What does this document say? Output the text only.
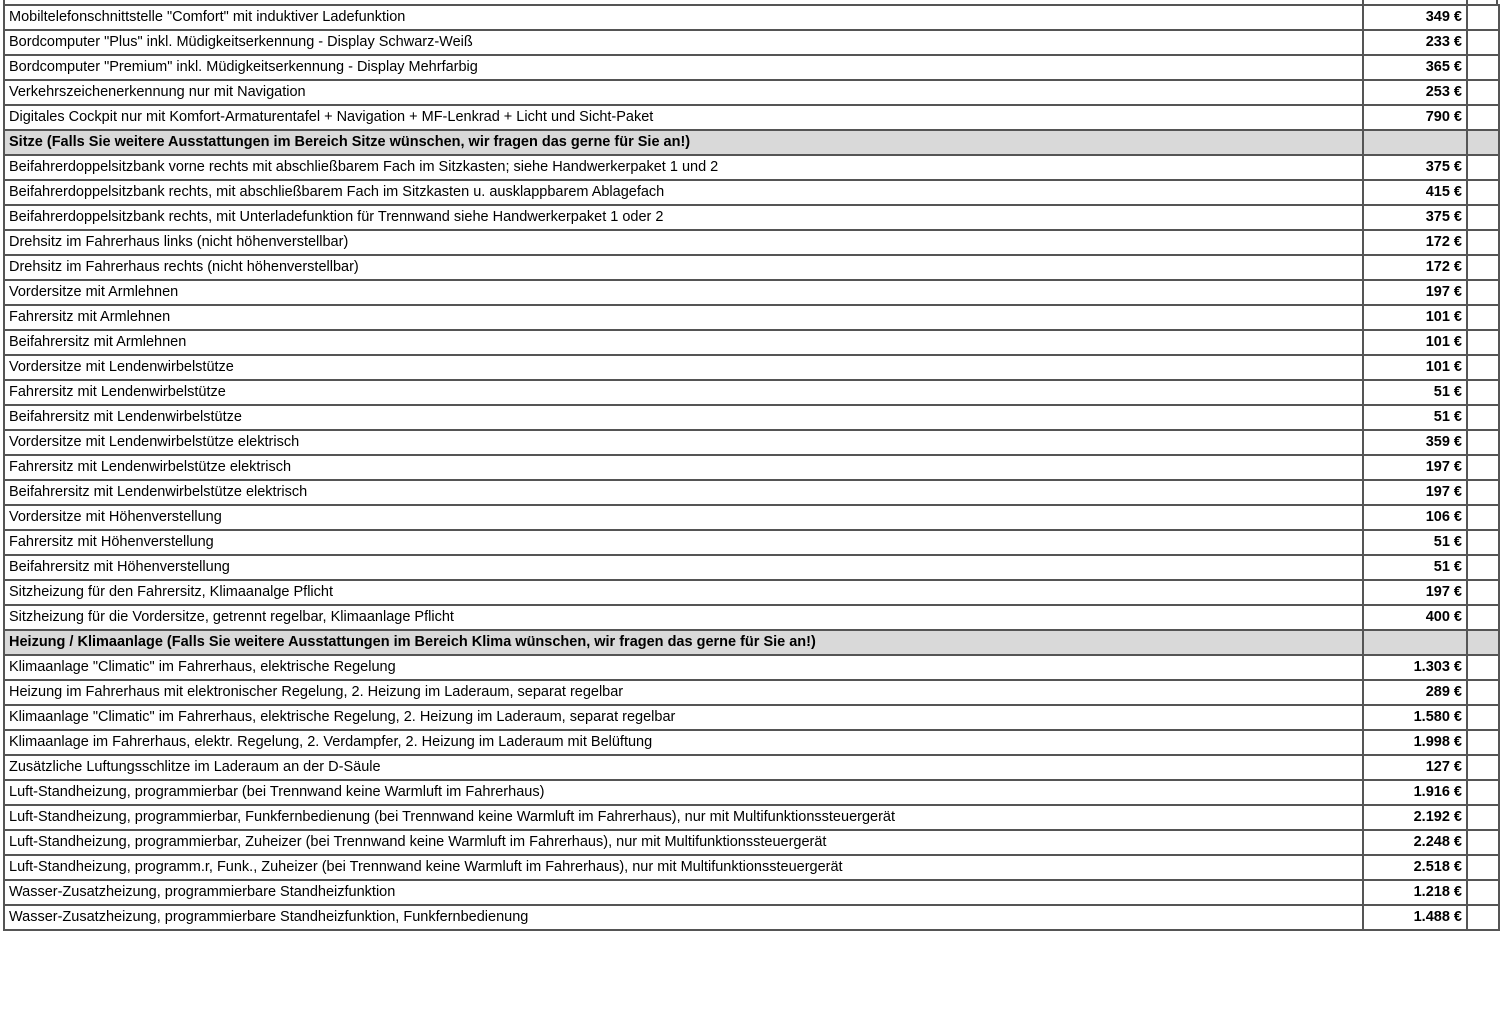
Mobiltelefonschnittstelle "Comfort" mit induktiver Ladefunktion	349 €	
Bordcomputer "Plus" inkl. Müdigkeitserkennung - Display Schwarz-Weiß	233 €	
Bordcomputer "Premium" inkl. Müdigkeitserkennung - Display Mehrfarbig	365 €	
Verkehrszeichenerkennung nur mit Navigation	253 €	
Digitales Cockpit nur mit Komfort-Armaturentafel + Navigation + MF-Lenkrad + Licht und Sicht-Paket	790 €	
Sitze (Falls Sie weitere Ausstattungen im Bereich Sitze wünschen, wir fragen das gerne für Sie an!)		
Beifahrerdoppelsitzbank vorne rechts mit abschließbarem Fach im Sitzkasten; siehe Handwerkerpaket 1 und 2	375 €	
Beifahrerdoppelsitzbank rechts, mit abschließbarem Fach im Sitzkasten u. ausklappbarem Ablagefach	415 €	
Beifahrerdoppelsitzbank rechts, mit Unterladefunktion für Trennwand siehe Handwerkerpaket 1 oder 2	375 €	
Drehsitz im Fahrerhaus links (nicht höhenverstellbar)	172 €	
Drehsitz im Fahrerhaus rechts (nicht höhenverstellbar)	172 €	
Vordersitze mit Armlehnen	197 €	
Fahrersitz mit Armlehnen	101 €	
Beifahrersitz mit Armlehnen	101 €	
Vordersitze mit Lendenwirbelstütze	101 €	
Fahrersitz mit Lendenwirbelstütze	51 €	
Beifahrersitz mit Lendenwirbelstütze	51 €	
Vordersitze mit Lendenwirbelstütze elektrisch	359 €	
Fahrersitz mit Lendenwirbelstütze elektrisch	197 €	
Beifahrersitz mit Lendenwirbelstütze elektrisch	197 €	
Vordersitze mit Höhenverstellung	106 €	
Fahrersitz mit Höhenverstellung	51 €	
Beifahrersitz mit Höhenverstellung	51 €	
Sitzheizung für den Fahrersitz, Klimaanalge Pflicht	197 €	
Sitzheizung für die Vordersitze, getrennt regelbar, Klimaanlage Pflicht	400 €	
Heizung / Klimaanlage (Falls Sie weitere Ausstattungen im Bereich Klima wünschen, wir fragen das gerne für Sie an!)		
Klimaanlage "Climatic" im Fahrerhaus, elektrische Regelung	1.303 €	
Heizung im Fahrerhaus mit elektronischer Regelung, 2. Heizung im Laderaum, separat regelbar	289 €	
Klimaanlage "Climatic" im Fahrerhaus, elektrische Regelung, 2. Heizung im Laderaum, separat regelbar	1.580 €	
Klimaanlage im Fahrerhaus, elektr. Regelung, 2. Verdampfer, 2. Heizung im Laderaum mit Belüftung	1.998 €	
Zusätzliche Luftungsschlitze im Laderaum an der D-Säule	127 €	
Luft-Standheizung, programmierbar (bei Trennwand keine Warmluft im Fahrerhaus)	1.916 €	
Luft-Standheizung, programmierbar, Funkfernbedienung (bei Trennwand keine Warmluft im Fahrerhaus), nur mit Multifunktionssteuergerät	2.192 €	
Luft-Standheizung, programmierbar, Zuheizer (bei Trennwand keine Warmluft im Fahrerhaus), nur mit Multifunktionssteuergerät	2.248 €	
Luft-Standheizung, programm.r, Funk., Zuheizer (bei Trennwand keine Warmluft im Fahrerhaus), nur mit Multifunktionssteuergerät	2.518 €	
Wasser-Zusatzheizung, programmierbare Standheizfunktion	1.218 €	
Wasser-Zusatzheizung, programmierbare Standheizfunktion, Funkfernbedienung	1.488 €	
